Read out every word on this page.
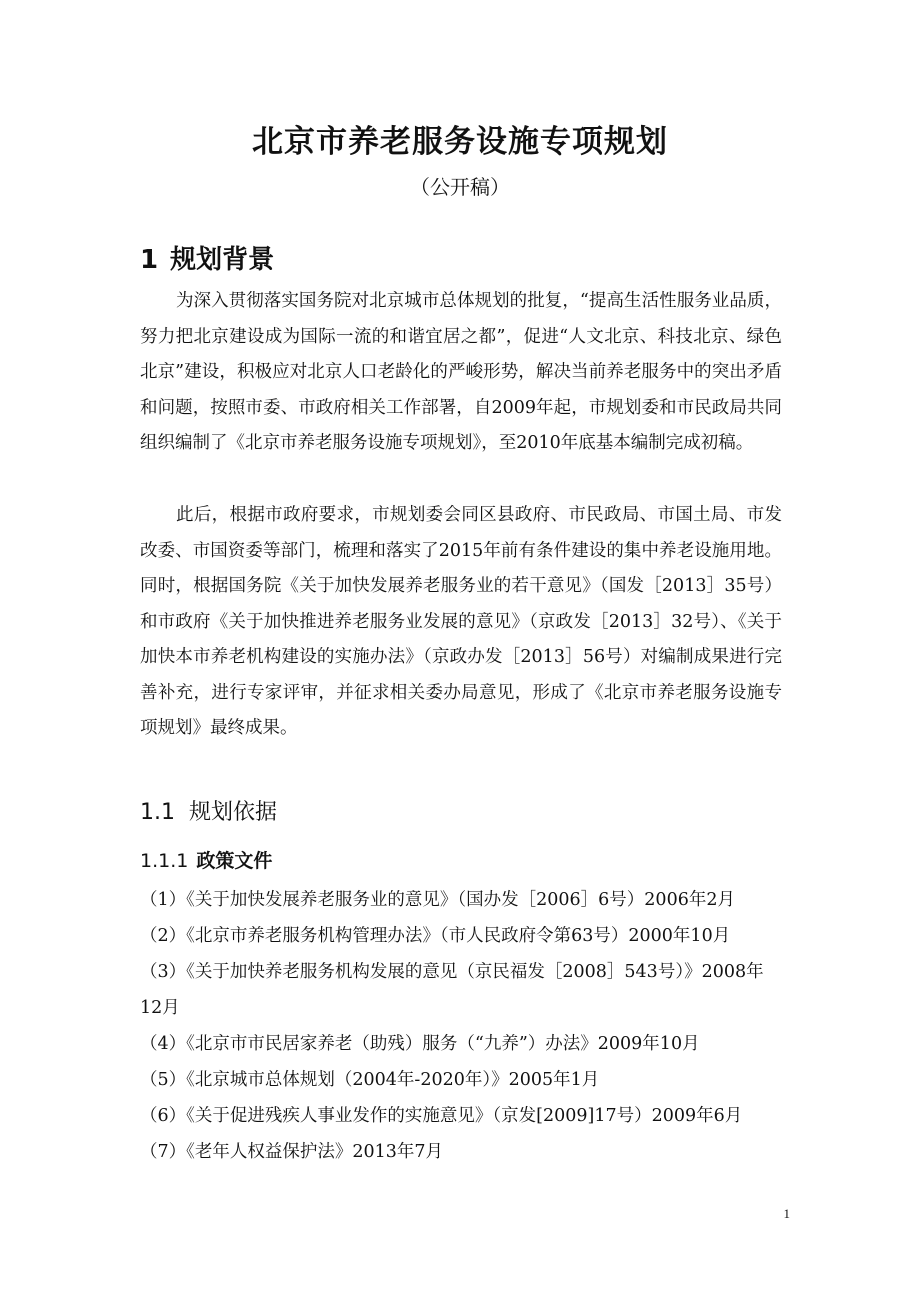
北京市养老服务设施专项规划

（公开稿）

1 规划背景

为深入贯彻落实国务院对北京城市总体规划的批复，“提高生活性服务业品质，努力把北京建设成为国际一流的和谐宜居之都”，促进“人文北京、科技北京、绿色北京”建设，积极应对北京人口老龄化的严峻形势，解决当前养老服务中的突出矛盾和问题，按照市委、市政府相关工作部署，自2009年起，市规划委和市民政局共同组织编制了《北京市养老服务设施专项规划》，至2010年底基本编制完成初稿。

此后，根据市政府要求，市规划委会同区县政府、市民政局、市国土局、市发改委、市国资委等部门，梳理和落实了2015年前有条件建设的集中养老设施用地。同时，根据国务院《关于加快发展养老服务业的若干意见》（国发［2013］35号）和市政府《关于加快推进养老服务业发展的意见》（京政发［2013］32号）、《关于加快本市养老机构建设的实施办法》（京政办发［2013］56号）对编制成果进行完善补充，进行专家评审，并征求相关委办局意见，形成了《北京市养老服务设施专项规划》最终成果。

1.1 规划依据
1.1.1 政策文件
（1）《关于加快发展养老服务业的意见》（国办发［2006］6号）2006年2月
（2）《北京市养老服务机构管理办法》（市人民政府令第63号）2000年10月
（3）《关于加快养老服务机构发展的意见（京民福发［2008］543号）》2008年12月
（4）《北京市市民居家养老（助残）服务（“九养”）办法》2009年10月
（5）《北京城市总体规划（2004年-2020年）》2005年1月
（6）《关于促进残疾人事业发作的实施意见》（京发[2009]17号）2009年6月
（7）《老年人权益保护法》2013年7月

1
